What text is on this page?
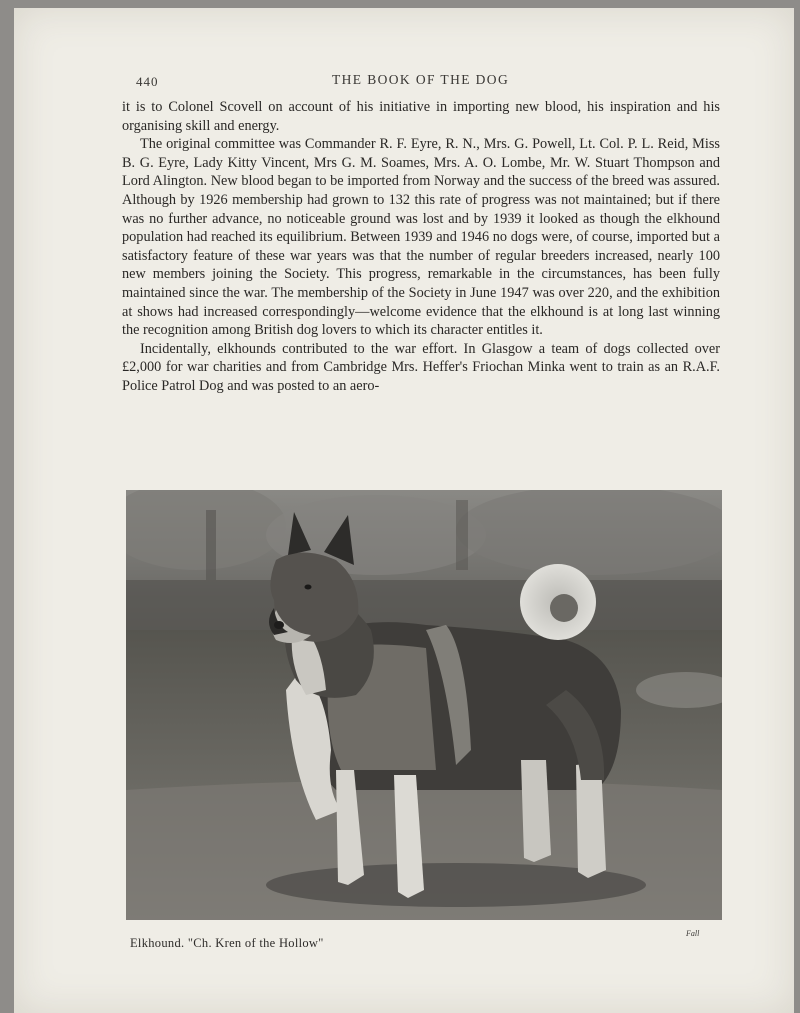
440	THE BOOK OF THE DOG

it is to Colonel Scovell on account of his initiative in importing new blood, his inspiration and his organising skill and energy.

The original committee was Commander R. F. Eyre, R. N., Mrs. G. Powell, Lt. Col. P. L. Reid, Miss B. G. Eyre, Lady Kitty Vincent, Mrs G. M. Soames, Mrs. A. O. Lombe, Mr. W. Stuart Thompson and Lord Alington. New blood began to be imported from Norway and the success of the breed was assured. Although by 1926 membership had grown to 132 this rate of progress was not maintained; but if there was no further advance, no noticeable ground was lost and by 1939 it looked as though the elkhound population had reached its equilibrium. Between 1939 and 1946 no dogs were, of course, imported but a satisfactory feature of these war years was that the number of regular breeders increased, nearly 100 new members joining the Society. This progress, remarkable in the circumstances, has been fully maintained since the war. The membership of the Society in June 1947 was over 220, and the exhibition at shows had increased correspondingly—welcome evidence that the elkhound is at long last winning the recognition among British dog lovers to which its character entitles it.

Incidentally, elkhounds contributed to the war effort. In Glasgow a team of dogs collected over £2,000 for war charities and from Cambridge Mrs. Heffer's Friochan Minka went to train as an R.A.F. Police Patrol Dog and was posted to an aero-

Elkhound. "Ch. Kren of the Hollow"
Fall
